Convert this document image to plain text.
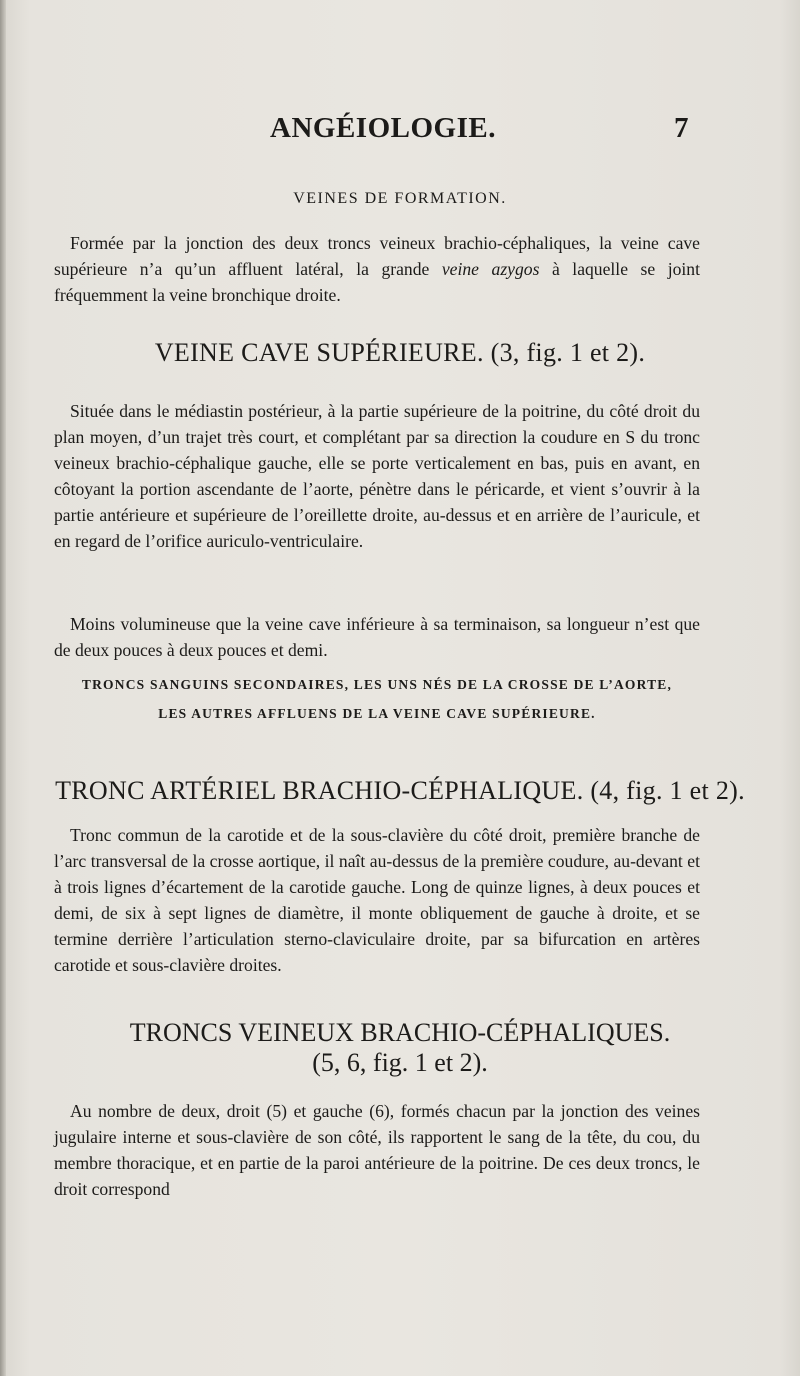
ANGÉIOLOGIE.	7
VEINES DE FORMATION.
Formée par la jonction des deux troncs veineux brachio-céphaliques, la veine cave supérieure n’a qu’un affluent latéral, la grande veine azygos à laquelle se joint fréquemment la veine bronchique droite.
VEINE CAVE SUPÉRIEURE. (3, fig. 1 et 2).
Située dans le médiastin postérieur, à la partie supérieure de la poitrine, du côté droit du plan moyen, d’un trajet très court, et complétant par sa direction la coudure en S du tronc veineux brachio-céphalique gauche, elle se porte verticalement en bas, puis en avant, en côtoyant la portion ascendante de l’aorte, pénètre dans le péricarde, et vient s’ouvrir à la partie antérieure et supérieure de l’oreillette droite, au-dessus et en arrière de l’auricule, et en regard de l’orifice auriculo-ventriculaire.
Moins volumineuse que la veine cave inférieure à sa terminaison, sa longueur n’est que de deux pouces à deux pouces et demi.
TRONCS SANGUINS SECONDAIRES, LES UNS NÉS DE LA CROSSE DE L’AORTE,
LES AUTRES AFFLUENS DE LA VEINE CAVE SUPÉRIEURE.
TRONC ARTÉRIEL BRACHIO-CÉPHALIQUE. (4, fig. 1 et 2).
Tronc commun de la carotide et de la sous-clavière du côté droit, première branche de l’arc transversal de la crosse aortique, il naît au-dessus de la première coudure, au-devant et à trois lignes d’écartement de la carotide gauche. Long de quinze lignes, à deux pouces et demi, de six à sept lignes de diamètre, il monte obliquement de gauche à droite, et se termine derrière l’articulation sterno-claviculaire droite, par sa bifurcation en artères carotide et sous-clavière droites.
TRONCS VEINEUX BRACHIO-CÉPHALIQUES.
(5, 6, fig. 1 et 2).
Au nombre de deux, droit (5) et gauche (6), formés chacun par la jonction des veines jugulaire interne et sous-clavière de son côté, ils rapportent le sang de la tête, du cou, du membre thoracique, et en partie de la paroi antérieure de la poitrine. De ces deux troncs, le droit correspond
